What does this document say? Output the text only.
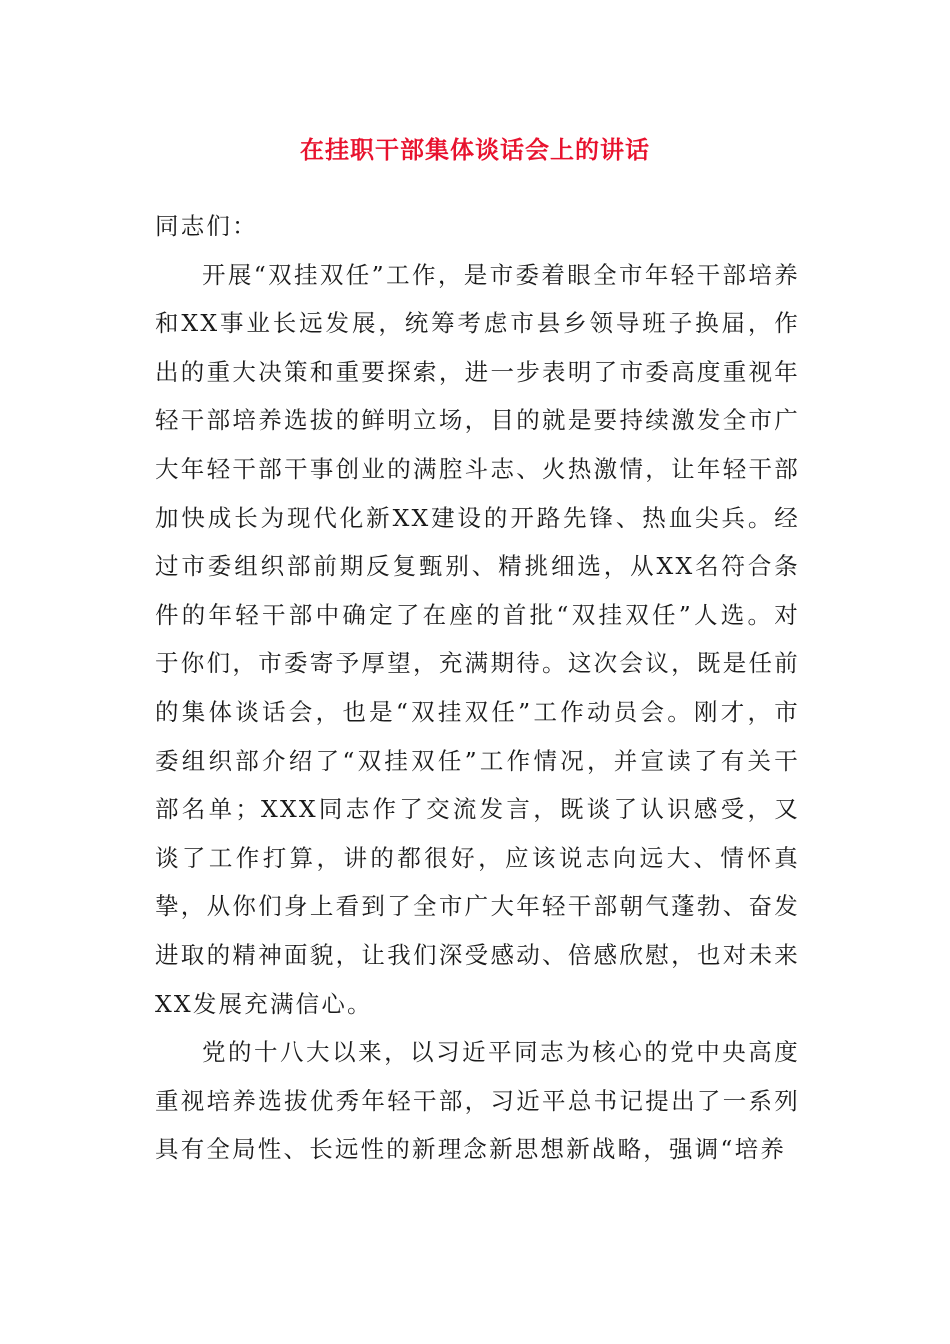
在挂职干部集体谈话会上的讲话

同志们：

开展“双挂双任”工作，是市委着眼全市年轻干部培养和XX事业长远发展，统筹考虑市县乡领导班子换届，作出的重大决策和重要探索，进一步表明了市委高度重视年轻干部培养选拔的鲜明立场，目的就是要持续激发全市广大年轻干部干事创业的满腔斗志、火热激情，让年轻干部加快成长为现代化新XX建设的开路先锋、热血尖兵。经过市委组织部前期反复甄别、精挑细选，从XX名符合条件的年轻干部中确定了在座的首批“双挂双任”人选。对于你们，市委寄予厚望，充满期待。这次会议，既是任前的集体谈话会，也是“双挂双任”工作动员会。刚才，市委组织部介绍了“双挂双任”工作情况，并宣读了有关干部名单；XXX同志作了交流发言，既谈了认识感受，又谈了工作打算，讲的都很好，应该说志向远大、情怀真挚，从你们身上看到了全市广大年轻干部朝气蓬勃、奋发进取的精神面貌，让我们深受感动、倍感欣慰，也对未来XX发展充满信心。

党的十八大以来，以习近平同志为核心的党中央高度重视培养选拔优秀年轻干部，习近平总书记提出了一系列具有全局性、长远性的新理念新思想新战略，强调“培养
